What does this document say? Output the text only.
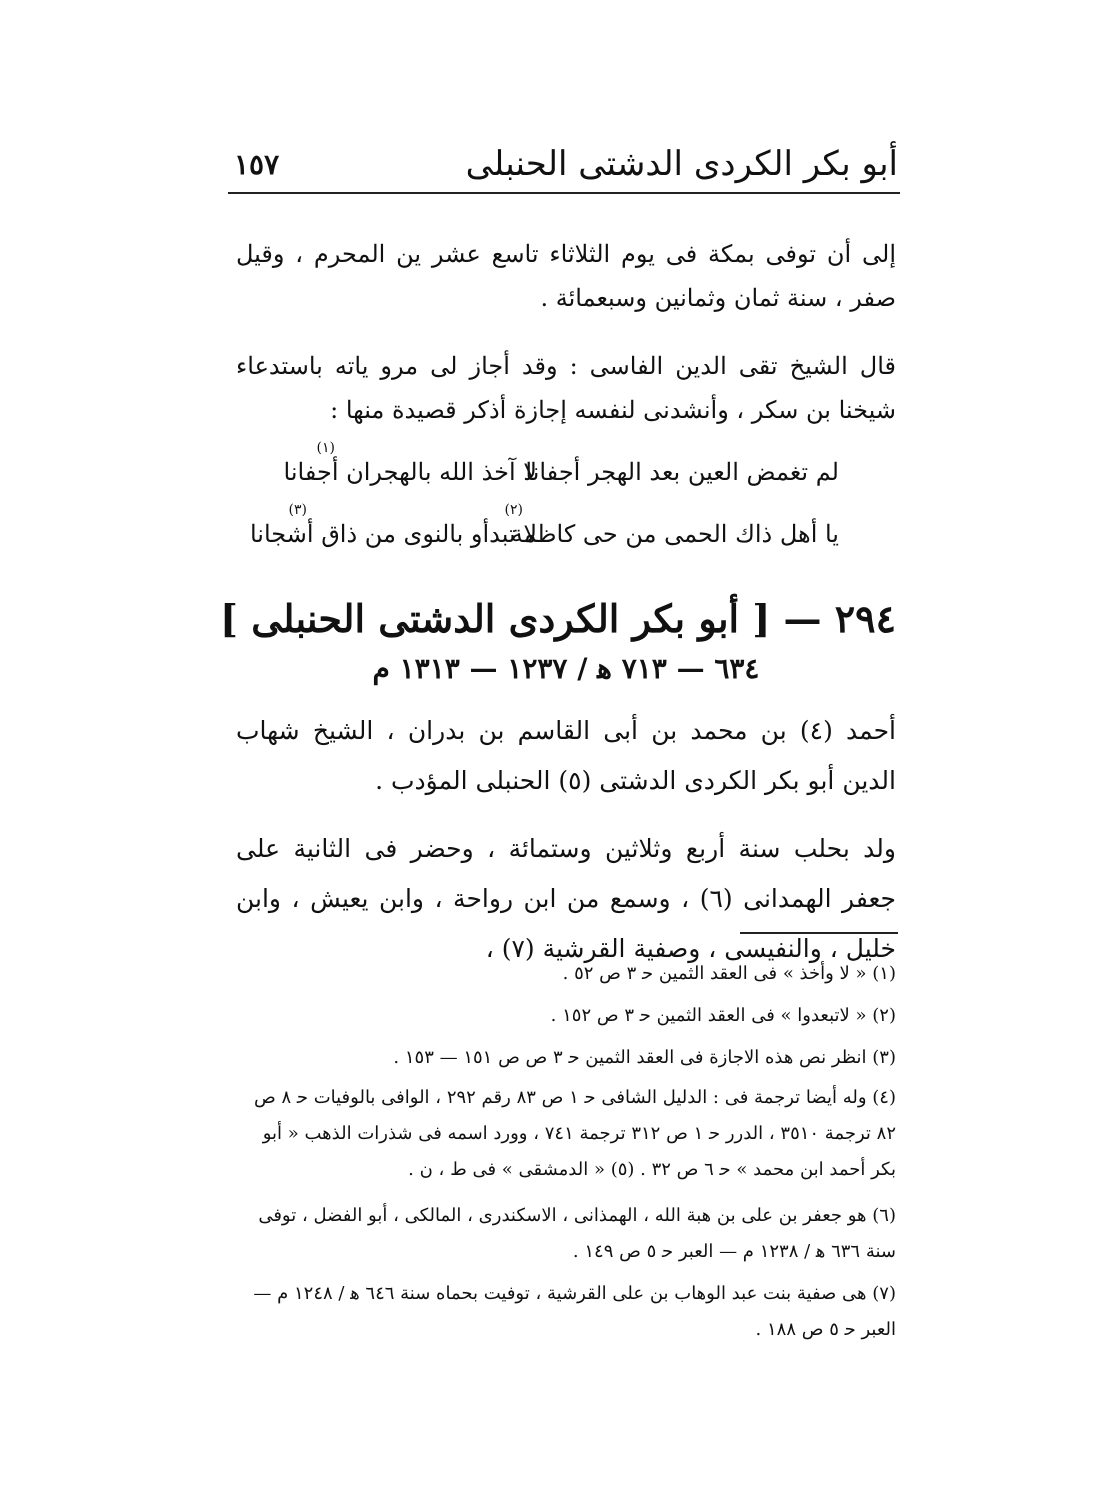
أبو بكر الكردى الدشتى الحنبلى
١٥٧
إلى أن توفى بمكة فى يوم الثلاثاء تاسع عشر ين المحرم ، وقيل صفر ، سنة ثمان وثمانين وسبعمائة .
قال الشيخ تقى الدين الفاسى : وقد أجاز لى مرو ياته باستدعاء شيخنا بن سكر ، وأنشدنى لنفسه إجازة أذكر قصيدة منها :
لم تغمض العين بعد الهجر أجفانا
لا آخذ الله بالهجران أجفانا
(١)
يا أهل ذاك الحمى من حى كاظمة
لا تبدأو بالنوى من ذاق أشجانا
(٢)
(٣)
٢٩٤ — [ أبو بكر الكردى الدشتى الحنبلى ]
٦٣٤ — ٧١٣ ﻫ / ١٢٣٧ — ١٣١٣ م
أحمد (٤) بن محمد بن أبى القاسم بن بدران ، الشيخ شهاب الدين أبو بكر الكردى الدشتى (٥) الحنبلى المؤدب .
ولد بحلب سنة أربع وثلاثين وستمائة ، وحضر فى الثانية على جعفر الهمدانى (٦) ، وسمع من ابن رواحة ، وابن يعيش ، وابن خليل ، والنفيسى ، وصفية القرشية (٧) ،
(١) « لا وأخذ » فى العقد الثمين ﺣ ٣ ص ٥٢ .
(٢) « لاتبعدوا » فى العقد الثمين ﺣ ٣ ص ١٥٢ .
(٣) انظر نص هذه الاجازة فى العقد الثمين ﺣ ٣ ص ص ١٥١ — ١٥٣ .
(٤) وله أيضا ترجمة فى : الدليل الشافى ﺣ ١ ص ٨٣ رقم ٢٩٢ ، الوافى بالوفيات ﺣ ٨ ص ٨٢ ترجمة ٣٥١٠ ، الدرر ﺣ ١ ص ٣١٢ ترجمة ٧٤١ ، وورد اسمه فى شذرات الذهب « أبو بكر أحمد ابن محمد » ﺣ ٦ ص ٣٢ . (٥) « الدمشقى » فى ط ، ن .
(٦) هو جعفر بن على بن هبة الله ، الهمذانى ، الاسكندرى ، المالكى ، أبو الفضل ، توفى سنة ٦٣٦ ﻫ / ١٢٣٨ م — العبر ﺣ ٥ ص ١٤٩ .
(٧) هى صفية بنت عبد الوهاب بن على القرشية ، توفيت بحماه سنة ٦٤٦ ﻫ / ١٢٤٨ م — العبر ﺣ ٥ ص ١٨٨ .
